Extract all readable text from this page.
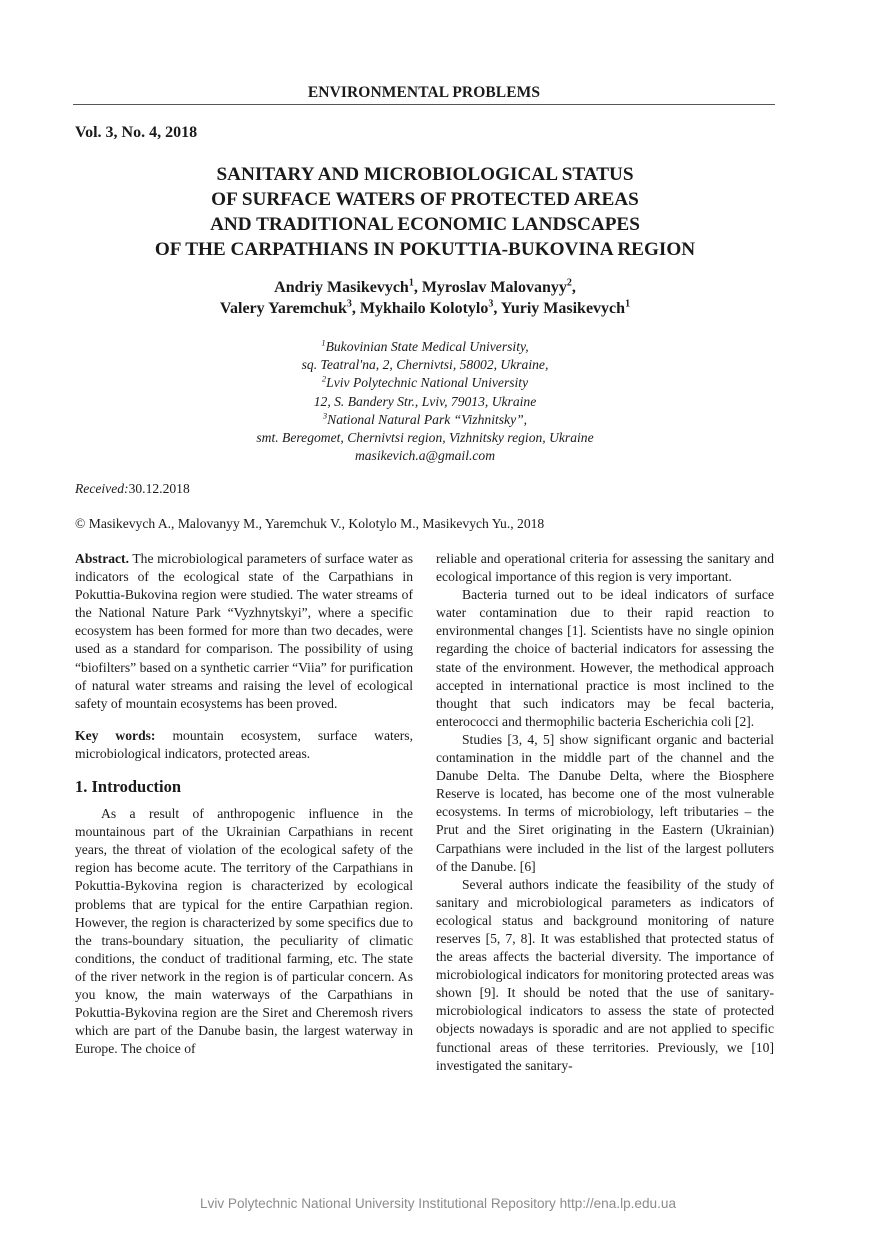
ENVIRONMENTAL PROBLEMS
Vol. 3, No. 4, 2018
SANITARY AND MICROBIOLOGICAL STATUS
OF SURFACE WATERS OF PROTECTED AREAS
AND TRADITIONAL ECONOMIC LANDSCAPES
OF THE CARPATHIANS IN POKUTTIA-BUKOVINA REGION
Andriy Masikevych$^1$, Myroslav Malovanyy$^2$,
Valery Yaremchuk$^3$, Mykhailo Kolotylo$^3$, Yuriy Masikevych$^1$
$^1$Bukovinian State Medical University,
sq. Teatral'na, 2, Chernivtsi, 58002, Ukraine,
$^2$Lviv Polytechnic National University
12, S. Bandery Str., Lviv, 79013, Ukraine
$^3$National Natural Park “Vizhnitsky”,
smt. Beregomet, Chernivtsi region, Vizhnitsky region, Ukraine
masikevich.a@gmail.com
Received:30.12.2018
© Masikevych A., Malovanyy M., Yaremchuk V., Kolotylo M., Masikevych Yu., 2018

Abstract. The microbiological parameters of surface water as indicators of the ecological state of the Carpathians in Pokuttia-Bukovina region were studied. The water streams of the National Nature Park “Vyzhnytskyi”, where a specific ecosystem has been formed for more than two decades, were used as a standard for comparison. The possibility of using “biofilters” based on a synthetic carrier “Viia” for purification of natural water streams and raising the level of ecological safety of mountain ecosystems has been proved.

Key words: mountain ecosystem, surface waters, microbiological indicators, protected areas.

1. Introduction

As a result of anthropogenic influence in the mountainous part of the Ukrainian Carpathians in recent years, the threat of violation of the ecological safety of the region has become acute. The territory of the Carpathians in Pokuttia-Bykovina region is characterized by ecological problems that are typical for the entire Carpathian region. However, the region is characterized by some specifics due to the trans-boundary situation, the peculiarity of climatic conditions, the conduct of traditional farming, etc. The state of the river network in the region is of particular concern. As you know, the main waterways of the Carpathians in Pokuttia-Bykovina region are the Siret and Cheremosh rivers which are part of the Danube basin, the largest waterway in Europe. The choice of

reliable and operational criteria for assessing the sanitary and ecological importance of this region is very important.

Bacteria turned out to be ideal indicators of surface water contamination due to their rapid reaction to environmental changes [1]. Scientists have no single opinion regarding the choice of bacterial indicators for assessing the state of the environment. However, the methodical approach accepted in international practice is most inclined to the thought that such indicators may be fecal bacteria, enterococci and thermophilic bacteria Escherichia coli [2].

Studies [3, 4, 5] show significant organic and bacterial contamination in the middle part of the channel and the Danube Delta. The Danube Delta, where the Biosphere Reserve is located, has become one of the most vulnerable ecosystems. In terms of microbiology, left tributaries – the Prut and the Siret originating in the Eastern (Ukrainian) Carpathians were included in the list of the largest polluters of the Danube. [6]

Several authors indicate the feasibility of the study of sanitary and microbiological parameters as indicators of ecological status and background monitoring of nature reserves [5, 7, 8]. It was established that protected status of the areas affects the bacterial diversity. The importance of microbiological indicators for monitoring protected areas was shown [9]. It should be noted that the use of sanitary-microbiological indicators to assess the state of protected objects nowadays is sporadic and are not applied to specific functional areas of these territories. Previously, we [10] investigated the sanitary-

Lviv Polytechnic National University Institutional Repository http://ena.lp.edu.ua
